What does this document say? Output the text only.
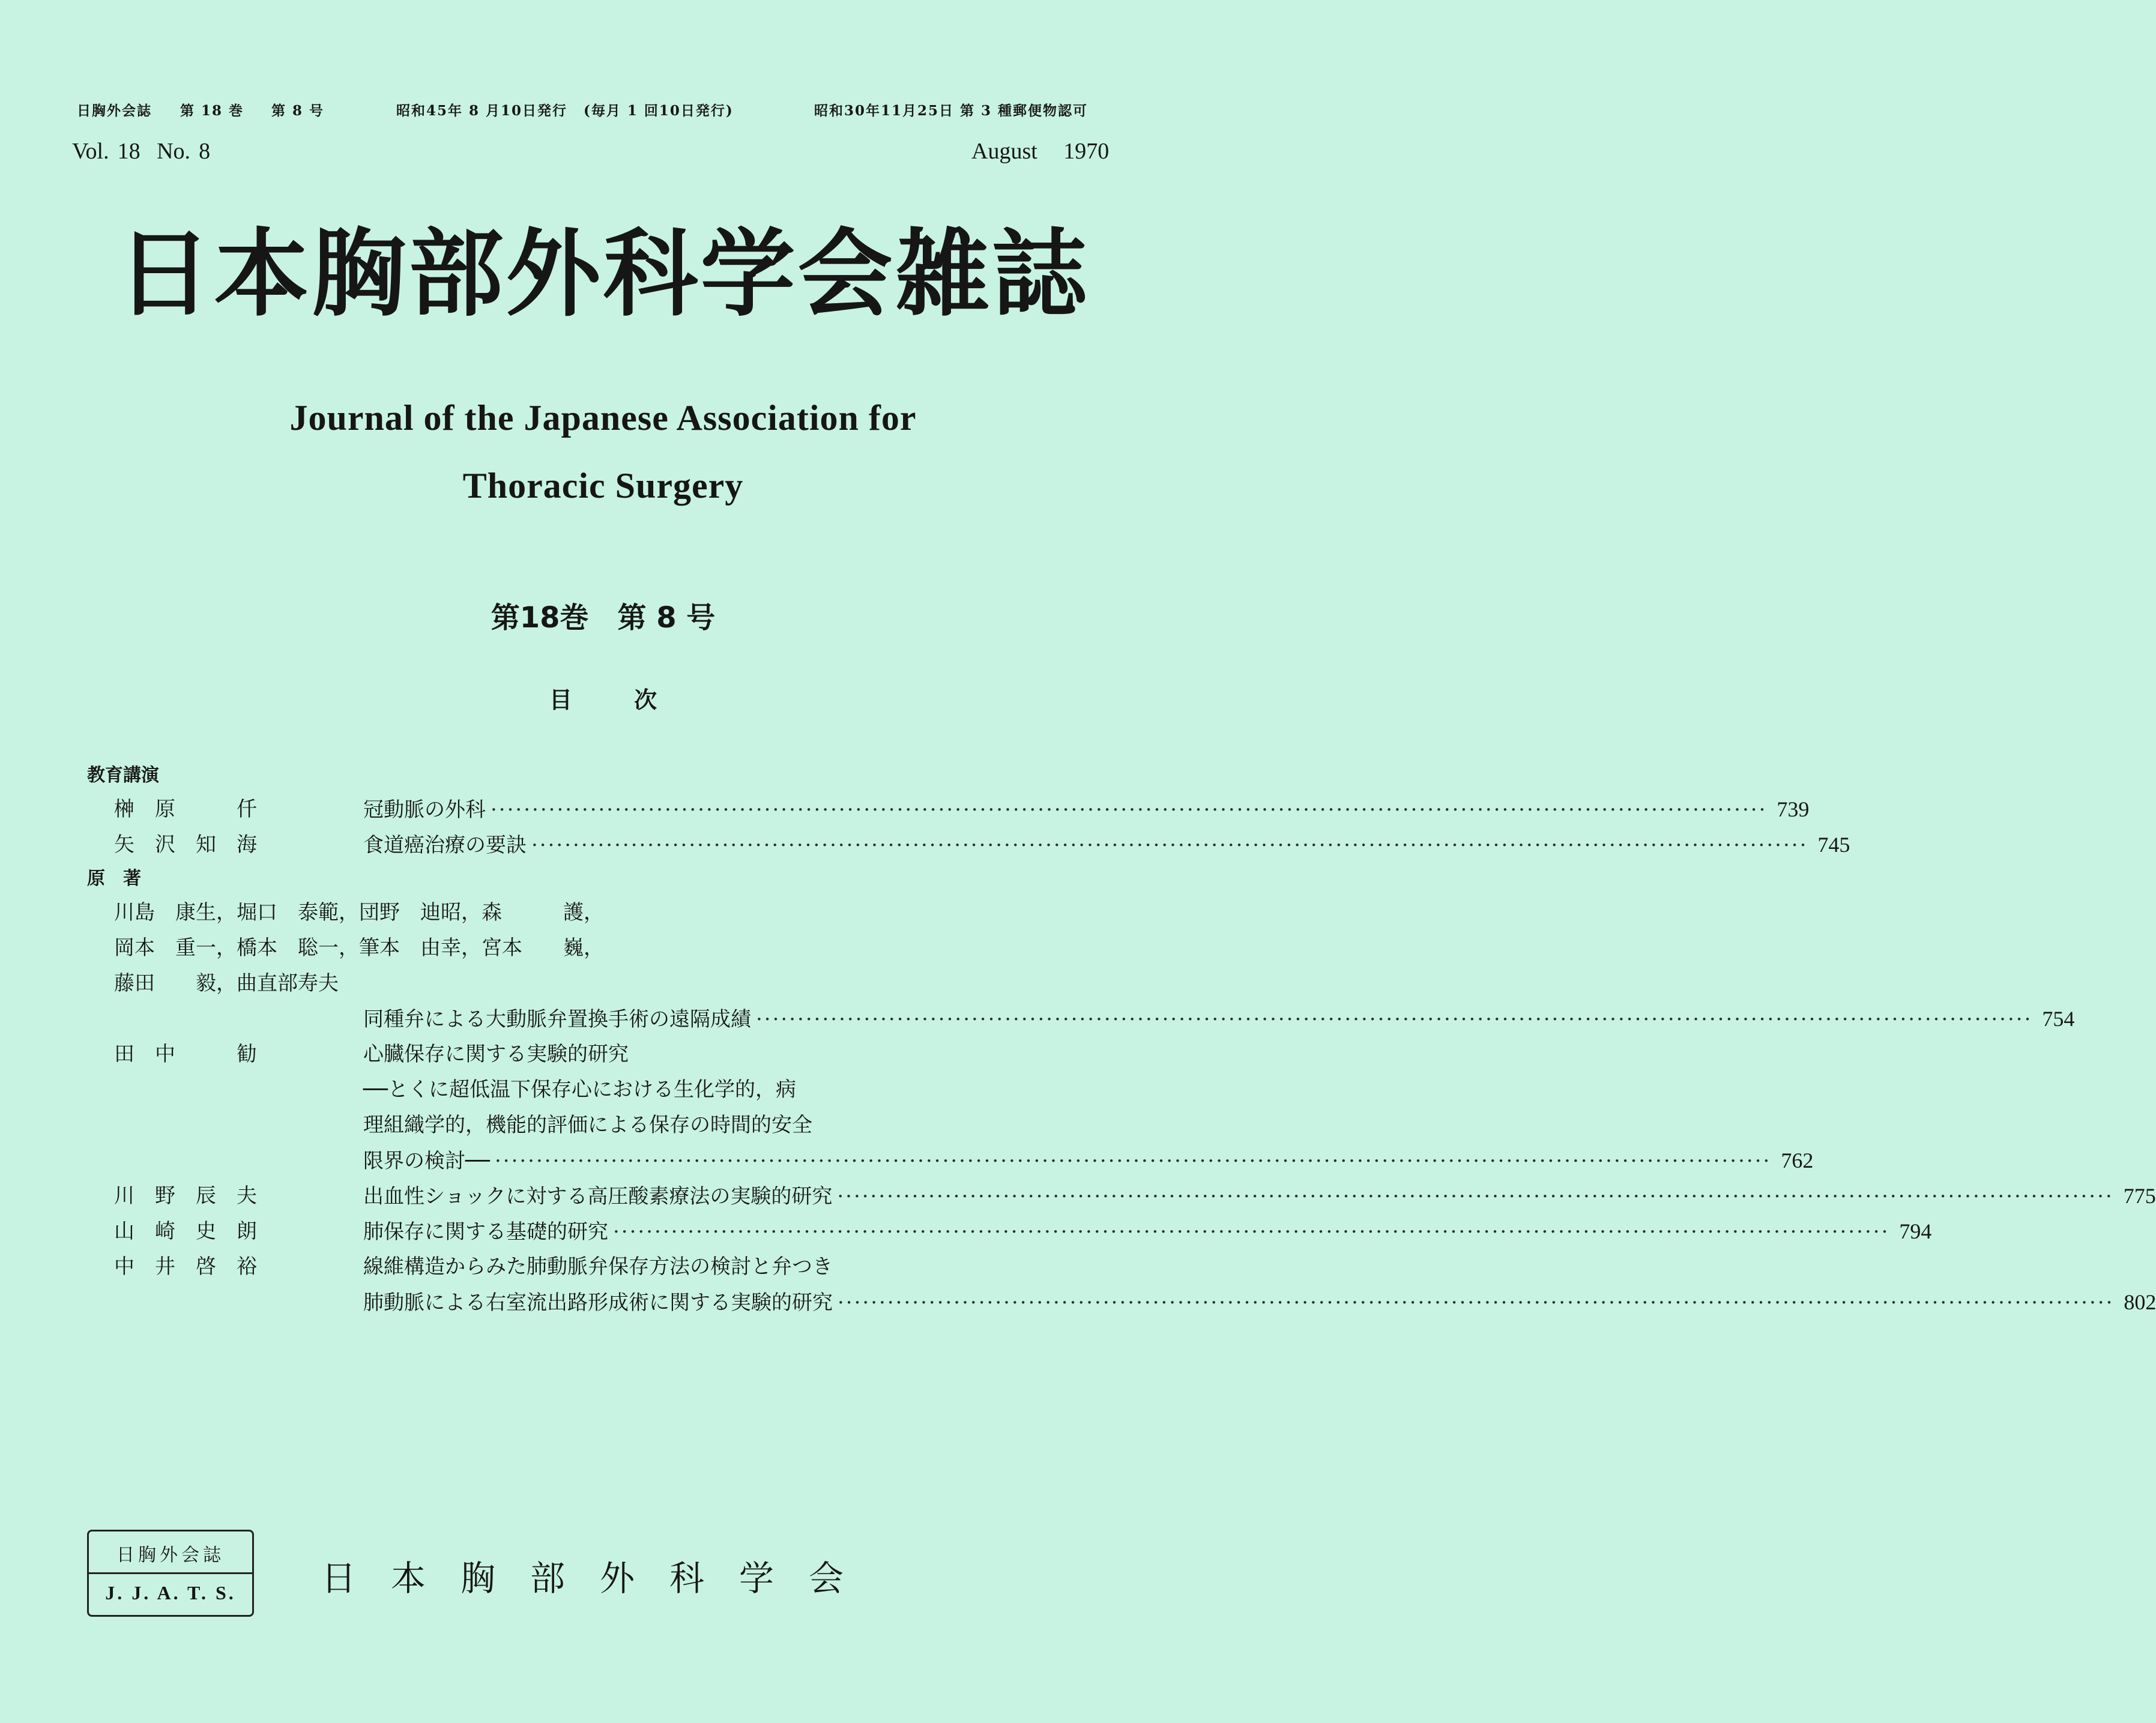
日胸外会誌 第 18 巻 第 8 号	昭和45年 8 月10日発行 (毎月 1 回10日発行)	昭和30年11月25日 第 3 種郵便物認可
Vol. 18 No. 8	August 1970
日本胸部外科学会雑誌
Journal of the Japanese Association for
Thoracic Surgery
第18巻　第 8 号
目 次
教育講演
榊　原　　　仟	冠動脈の外科 ·························································································································································· 739
矢　沢　知　海	食道癌治療の要訣 ·························································································································································· 745
原　著
川島　康生，堀口　泰範，団野　迪昭，森　　　護，
岡本　重一，橋本　聡一，筆本　由幸，宮本　　巍，
藤田　　毅，曲直部寿夫
同種弁による大動脈弁置換手術の遠隔成績 ·························································································································································· 754
田　中　　　勧	心臓保存に関する実験的研究
──とくに超低温下保存心における生化学的，病
理組織学的，機能的評価による保存の時間的安全
限界の検討── ·························································································································································· 762
川　野　辰　夫	出血性ショックに対する高圧酸素療法の実験的研究 ·························································································································································· 775
山　崎　史　朗	肺保存に関する基礎的研究 ·························································································································································· 794
中　井　啓　裕	線維構造からみた肺動脈弁保存方法の検討と弁つき
肺動脈による右室流出路形成術に関する実験的研究 ·························································································································································· 802
日胸外会誌
J. J. A. T. S.	日本胸部外科学会
